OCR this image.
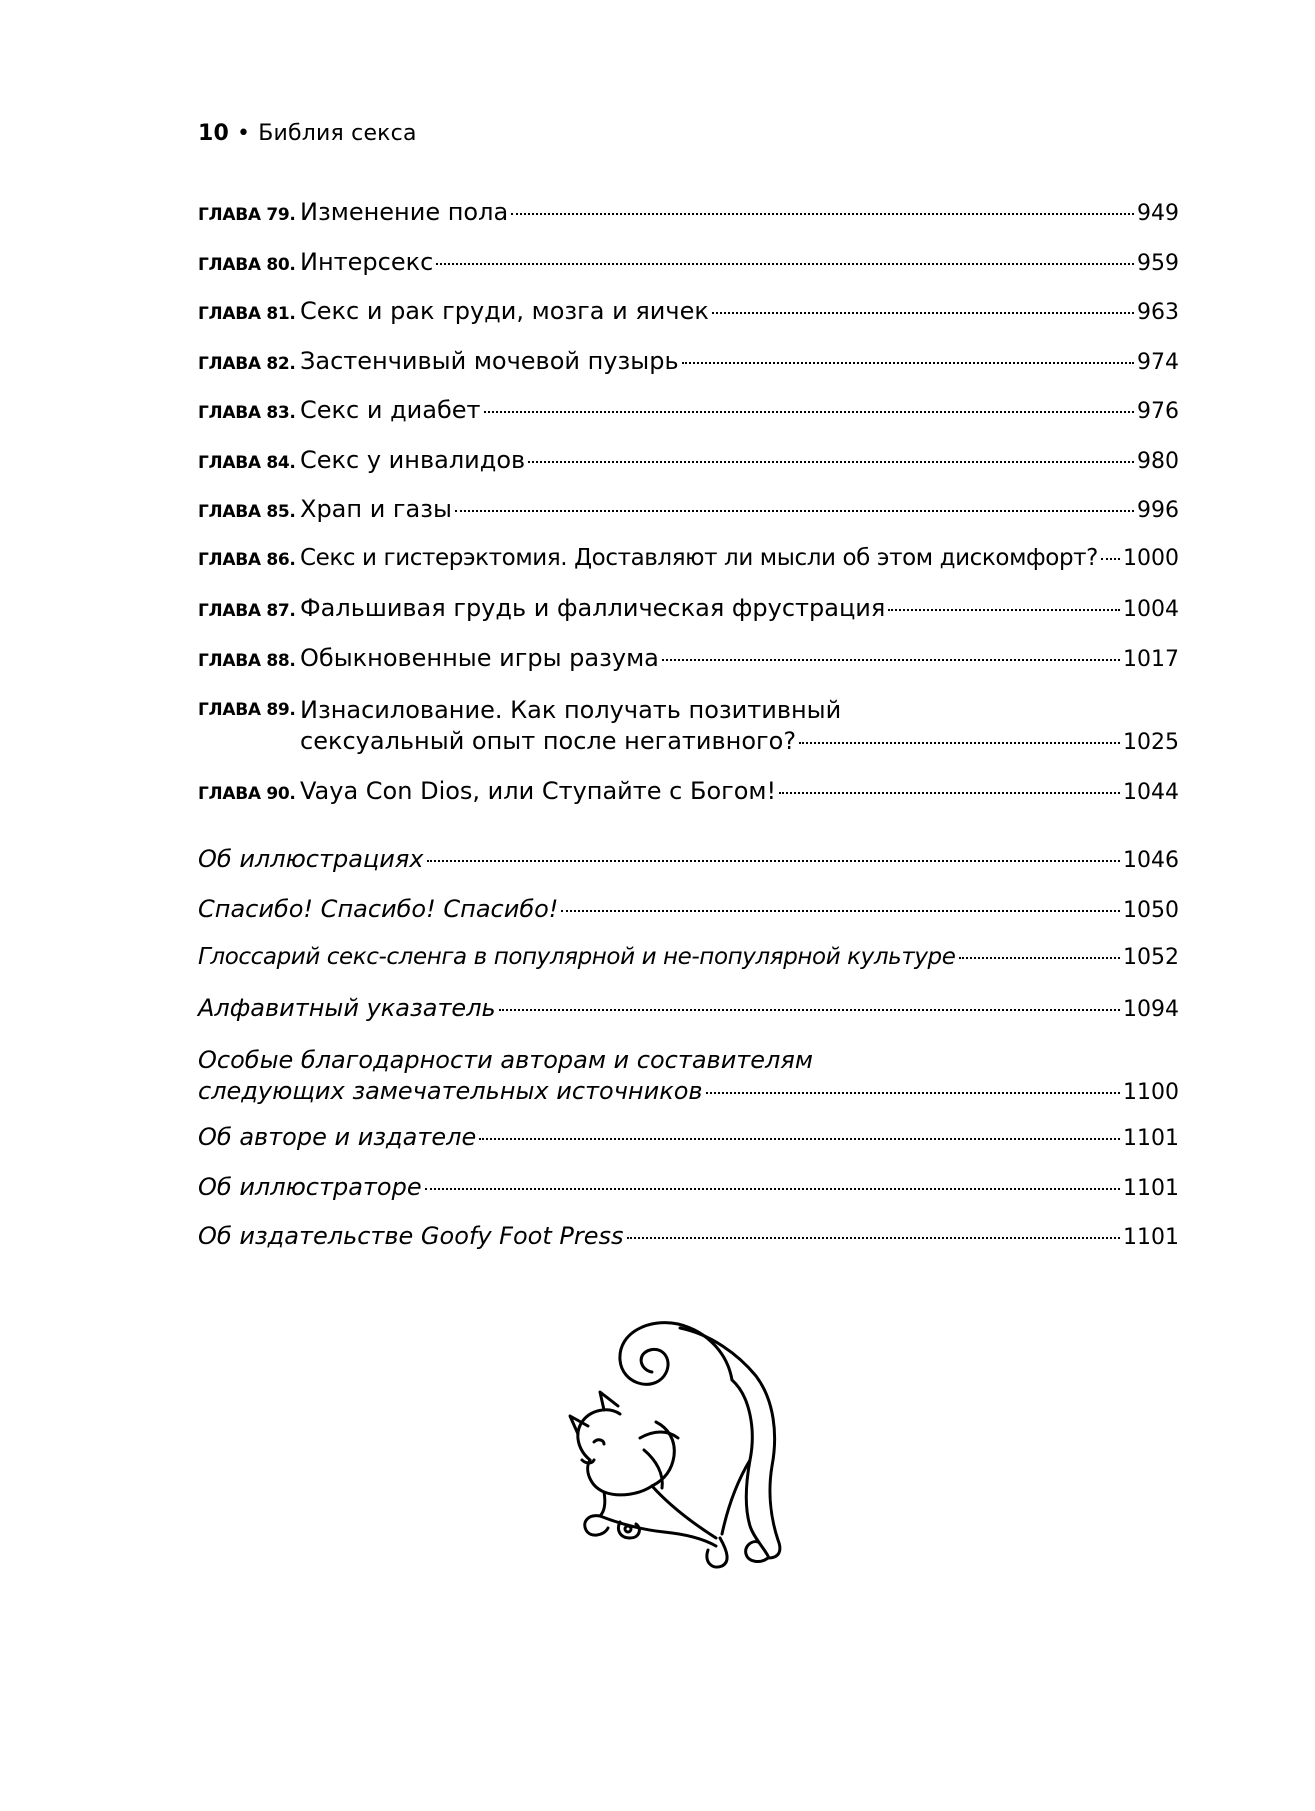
10 • Библия секса
ГЛАВА 79. Изменение пола	949
ГЛАВА 80. Интерсекс	959
ГЛАВА 81. Секс и рак груди, мозга и яичек	963
ГЛАВА 82. Застенчивый мочевой пузырь	974
ГЛАВА 83. Секс и диабет	976
ГЛАВА 84. Секс у инвалидов	980
ГЛАВА 85. Храп и газы	996
ГЛАВА 86. Секс и гистерэктомия. Доставляют ли мысли об этом дискомфорт? 1000
ГЛАВА 87. Фальшивая грудь и фаллическая фрустрация	1004
ГЛАВА 88. Обыкновенные игры разума	1017
ГЛАВА 89. Изнасилование. Как получать позитивный
сексуальный опыт после негативного?	1025
ГЛАВА 90. Vaya Con Dios, или Ступайте с Богом!	1044
Об иллюстрациях	1046
Спасибо! Спасибо! Спасибо!	1050
Глоссарий секс-сленга в популярной и не-популярной культуре	1052
Алфавитный указатель	1094
Особые благодарности авторам и составителям
следующих замечательных источников	1100
Об авторе и издателе	1101
Об иллюстраторе	1101
Об издательстве Goofy Foot Press	1101
